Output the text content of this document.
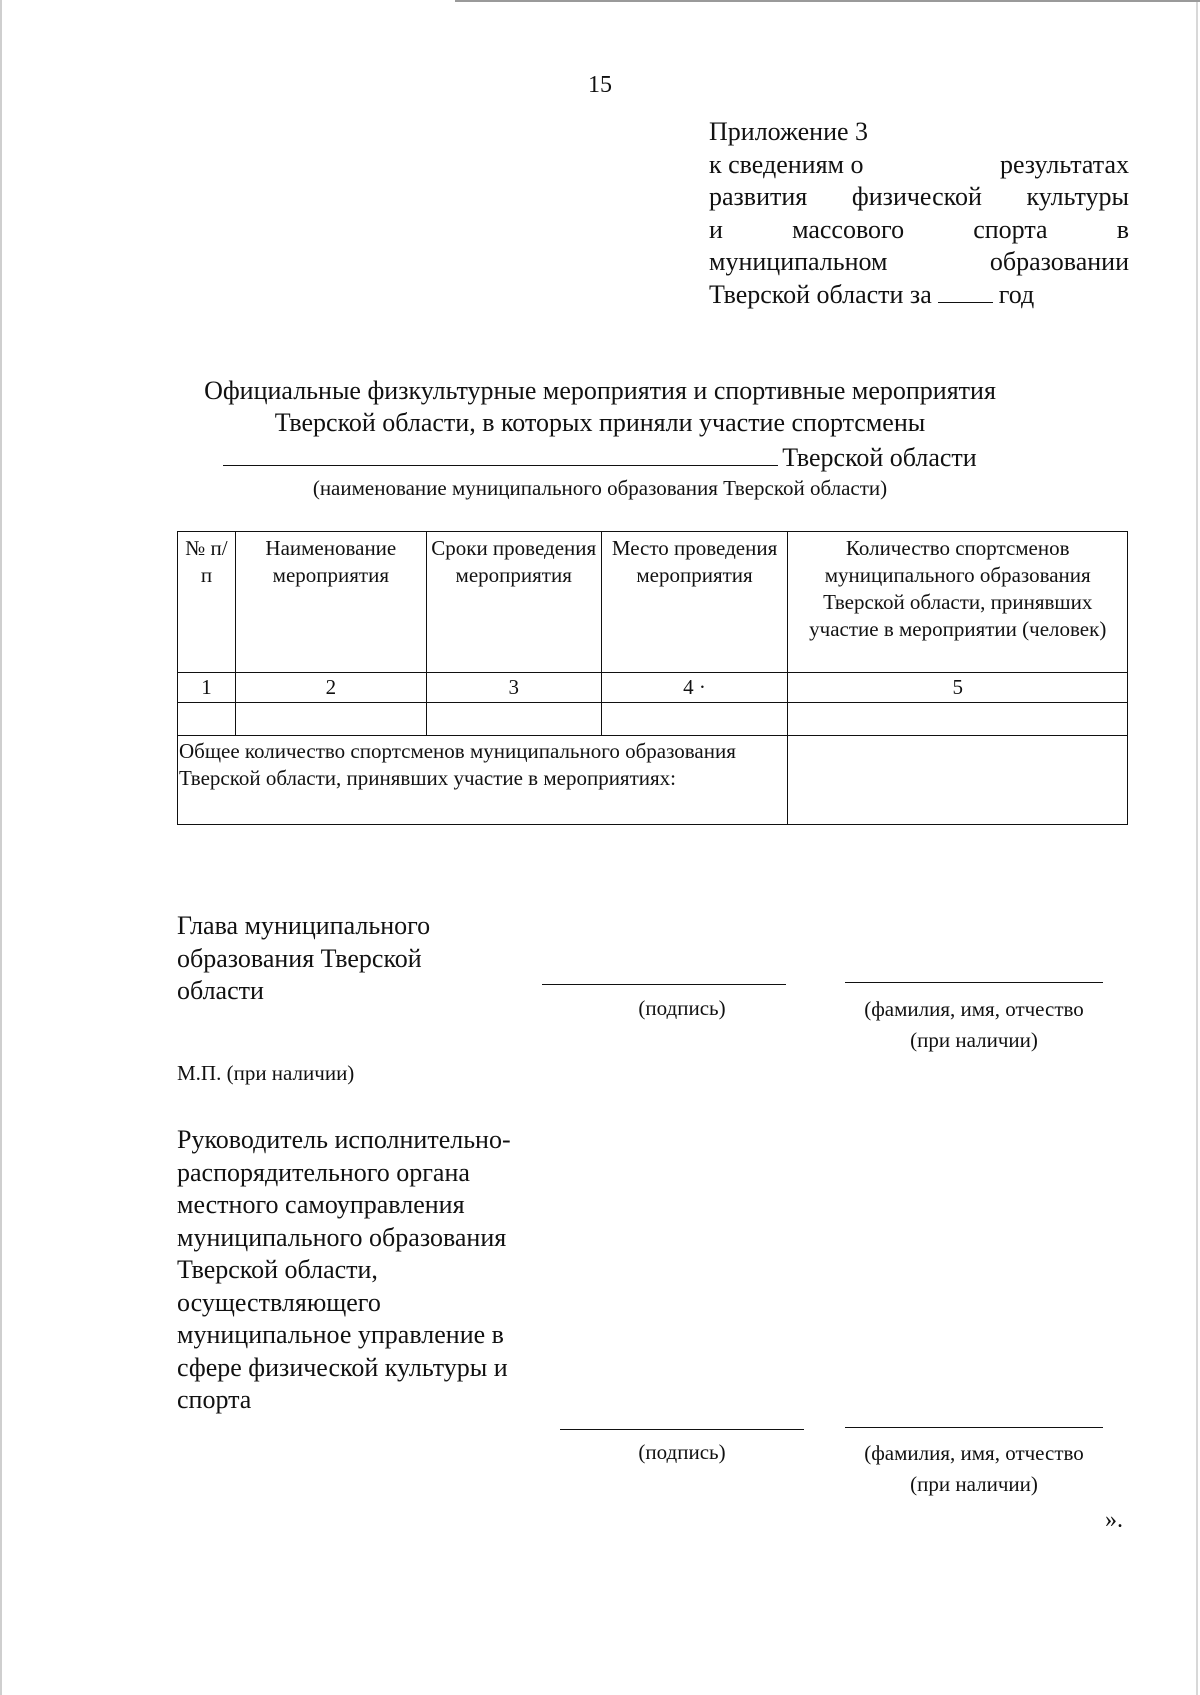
15
Приложение 3
к сведениям о	результатах
развития физической культуры
и	массового	спорта	в
муниципальном	образовании
Тверской области за	год
Официальные физкультурные мероприятия и спортивные мероприятия
Тверской области, в которых приняли участие спортсмены
Тверской области
(наименование муниципального образования Тверской области)
№ п/п	Наименование мероприятия	Сроки проведения мероприятия	Место проведения мероприятия	Количество спортсменов муниципального образования Тверской области, принявших участие в мероприятии (человек)
1	2	3	4 ·	5

Общее количество спортсменов муниципального образования Тверской области, принявших участие в мероприятиях:				
Глава муниципального образования Тверской области
(подпись)	(фамилия, имя, отчество
(при наличии)
М.П. (при наличии)
Руководитель исполнительно-распорядительного органа местного самоуправления муниципального образования Тверской области, осуществляющего муниципальное управление в сфере физической культуры и спорта
(подпись)	(фамилия, имя, отчество
(при наличии)
».
